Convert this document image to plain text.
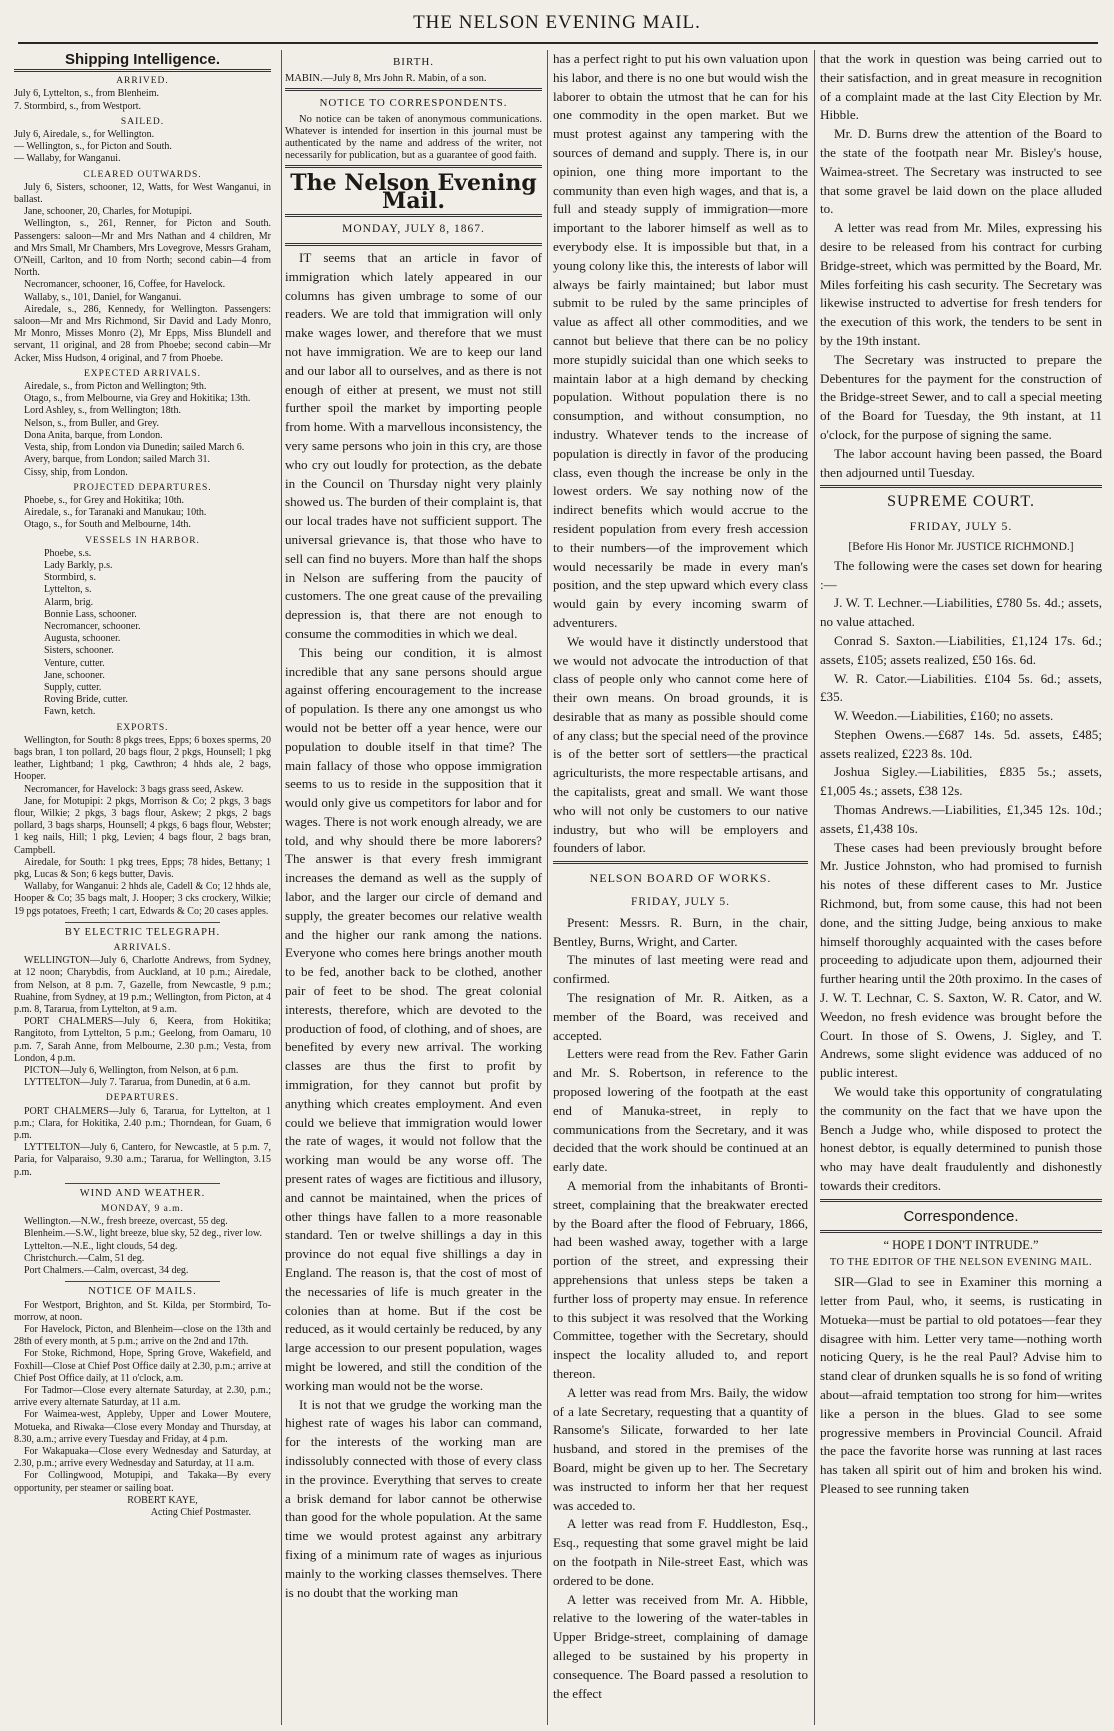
THE NELSON EVENING MAIL.
Shipping Intelligence.
ARRIVED.

July 6, Lyttelton, s., from Blenheim.

7. Stormbird, s., from Westport.

SAILED.

July 6, Airedale, s., for Wellington.

— Wellington, s., for Picton and South.

— Wallaby, for Wanganui.

CLEARED OUTWARDS.

July 6, Sisters, schooner, 12, Watts, for West Wanganui, in ballast.

Jane, schooner, 20, Charles, for Motupipi.

Wellington, s., 261, Renner, for Picton and South. Passengers: saloon—Mr and Mrs Nathan and 4 children, Mr and Mrs Small, Mr Chambers, Mrs Lovegrove, Messrs Graham, O'Neill, Carlton, and 10 from North; second cabin—4 from North.

Necromancer, schooner, 16, Coffee, for Havelock.

Wallaby, s., 101, Daniel, for Wanganui.

Airedale, s., 286, Kennedy, for Wellington. Passengers: saloon—Mr and Mrs Richmond, Sir David and Lady Monro, Mr Monro, Misses Monro (2), Mr Epps, Miss Blundell and servant, 11 original, and 28 from Phoebe; second cabin—Mr Acker, Miss Hudson, 4 original, and 7 from Phoebe.

EXPECTED ARRIVALS.

Airedale, s., from Picton and Wellington; 9th.

Otago, s., from Melbourne, via Grey and Hokitika; 13th.

Lord Ashley, s., from Wellington; 18th.

Nelson, s., from Buller, and Grey.

Dona Anita, barque, from London.

Vesta, ship, from London via Dunedin; sailed March 6.

Avery, barque, from London; sailed March 31.

Cissy, ship, from London.

PROJECTED DEPARTURES.

Phoebe, s., for Grey and Hokitika; 10th.

Airedale, s., for Taranaki and Manukau; 10th.

Otago, s., for South and Melbourne, 14th.

VESSELS IN HARBOR.
Phoebe, s.s.
Lady Barkly, p.s.
Stormbird, s.
Lyttelton, s.
Alarm, brig.
Bonnie Lass, schooner.
Necromancer, schooner.
Augusta, schooner.
Sisters, schooner.
Venture, cutter.
Jane, schooner.
Supply, cutter.
Roving Bride, cutter.
Fawn, ketch.
EXPORTS.

Wellington, for South: 8 pkgs trees, Epps; 6 boxes sperms, 20 bags bran, 1 ton pollard, 20 bags flour, 2 pkgs, Hounsell; 1 pkg leather, Lightband; 1 pkg, Cawthron; 4 hhds ale, 2 bags, Hooper.

Necromancer, for Havelock: 3 bags grass seed, Askew.

Jane, for Motupipi: 2 pkgs, Morrison & Co; 2 pkgs, 3 bags flour, Wilkie; 2 pkgs, 3 bags flour, Askew; 2 pkgs, 2 bags pollard, 3 bags sharps, Hounsell; 4 pkgs, 6 bags flour, Webster; 1 keg nails, Hill; 1 pkg, Levien; 4 bags flour, 2 bags bran, Campbell.

Airedale, for South: 1 pkg trees, Epps; 78 hides, Bettany; 1 pkg, Lucas & Son; 6 kegs butter, Davis.

Wallaby, for Wanganui: 2 hhds ale, Cadell & Co; 12 hhds ale, Hooper & Co; 35 bags malt, J. Hooper; 3 cks crockery, Wilkie; 19 pgs potatoes, Freeth; 1 cart, Edwards & Co; 20 cases apples.

BY ELECTRIC TELEGRAPH.
ARRIVALS.

WELLINGTON—July 6, Charlotte Andrews, from Sydney, at 12 noon; Charybdis, from Auckland, at 10 p.m.; Airedale, from Nelson, at 8 p.m. 7, Gazelle, from Newcastle, 9 p.m.; Ruahine, from Sydney, at 19 p.m.; Wellington, from Picton, at 4 p.m. 8, Tararua, from Lyttelton, at 9 a.m.

PORT CHALMERS—July 6, Keera, from Hokitika; Rangitoto, from Lyttelton, 5 p.m.; Geelong, from Oamaru, 10 p.m. 7, Sarah Anne, from Melbourne, 2.30 p.m.; Vesta, from London, 4 p.m.

PICTON—July 6, Wellington, from Nelson, at 6 p.m.

LYTTELTON—July 7. Tararua, from Dunedin, at 6 a.m.

DEPARTURES.

PORT CHALMERS—July 6, Tararua, for Lyttelton, at 1 p.m.; Clara, for Hokitika, 2.40 p.m.; Thorndean, for Guam, 6 p.m.

LYTTELTON—July 6, Cantero, for Newcastle, at 5 p.m. 7, Paria, for Valparaiso, 9.30 a.m.; Tararua, for Wellington, 3.15 p.m.

WIND AND WEATHER.
MONDAY, 9 a.m.

Wellington.—N.W., fresh breeze, overcast, 55 deg.

Blenheim.—S.W., light breeze, blue sky, 52 deg., river low.

Lyttelton.—N.E., light clouds, 54 deg.

Christchurch.—Calm, 51 deg.

Port Chalmers.—Calm, overcast, 34 deg.

NOTICE OF MAILS.

For Westport, Brighton, and St. Kilda, per Stormbird, To-morrow, at noon.

For Havelock, Picton, and Blenheim—close on the 13th and 28th of every month, at 5 p.m.; arrive on the 2nd and 17th.

For Stoke, Richmond, Hope, Spring Grove, Wakefield, and Foxhill—Close at Chief Post Office daily at 2.30, p.m.; arrive at Chief Post Office daily, at 11 o'clock, a.m.

For Tadmor—Close every alternate Saturday, at 2.30, p.m.; arrive every alternate Saturday, at 11 a.m.

For Waimea-west, Appleby, Upper and Lower Moutere, Motueka, and Riwaka—Close every Monday and Thursday, at 8.30, a.m.; arrive every Tuesday and Friday, at 4 p.m.

For Wakapuaka—Close every Wednesday and Saturday, at 2.30, p.m.; arrive every Wednesday and Saturday, at 11 a.m.

For Collingwood, Motupipi, and Takaka—By every opportunity, per steamer or sailing boat.

ROBERT KAYE,
Acting Chief Postmaster.
BIRTH.

MABIN.—July 8, Mrs John R. Mabin, of a son.

NOTICE TO CORRESPONDENTS.

No notice can be taken of anonymous communications. Whatever is intended for insertion in this journal must be authenticated by the name and address of the writer, not necessarily for publication, but as a guarantee of good faith.

The Nelson Evening Mail.
MONDAY, JULY 8, 1867.

IT seems that an article in favor of immigration which lately appeared in our columns has given umbrage to some of our readers. We are told that immigration will only make wages lower, and therefore that we must not have immigration. We are to keep our land and our labor all to ourselves, and as there is not enough of either at present, we must not still further spoil the market by importing people from home. With a marvellous inconsistency, the very same persons who join in this cry, are those who cry out loudly for protection, as the debate in the Council on Thursday night very plainly showed us. The burden of their complaint is, that our local trades have not sufficient support. The universal grievance is, that those who have to sell can find no buyers. More than half the shops in Nelson are suffering from the paucity of customers. The one great cause of the prevailing depression is, that there are not enough to consume the commodities in which we deal.

This being our condition, it is almost incredible that any sane persons should argue against offering encouragement to the increase of population. Is there any one amongst us who would not be better off a year hence, were our population to double itself in that time? The main fallacy of those who oppose immigration seems to us to reside in the supposition that it would only give us competitors for labor and for wages. There is not work enough already, we are told, and why should there be more laborers? The answer is that every fresh immigrant increases the demand as well as the supply of labor, and the larger our circle of demand and supply, the greater becomes our relative wealth and the higher our rank among the nations. Everyone who comes here brings another mouth to be fed, another back to be clothed, another pair of feet to be shod. The great colonial interests, therefore, which are devoted to the production of food, of clothing, and of shoes, are benefited by every new arrival. The working classes are thus the first to profit by immigration, for they cannot but profit by anything which creates employment. And even could we believe that immigration would lower the rate of wages, it would not follow that the working man would be any worse off. The present rates of wages are fictitious and illusory, and cannot be maintained, when the prices of other things have fallen to a more reasonable standard. Ten or twelve shillings a day in this province do not equal five shillings a day in England. The reason is, that the cost of most of the necessaries of life is much greater in the colonies than at home. But if the cost be reduced, as it would certainly be reduced, by any large accession to our present population, wages might be lowered, and still the condition of the working man would not be the worse.

It is not that we grudge the working man the highest rate of wages his labor can command, for the interests of the working man are indissolubly connected with those of every class in the province. Everything that serves to create a brisk demand for labor cannot be otherwise than good for the whole population. At the same time we would protest against any arbitrary fixing of a minimum rate of wages as injurious mainly to the working classes themselves. There is no doubt that the working man

has a perfect right to put his own valuation upon his labor, and there is no one but would wish the laborer to obtain the utmost that he can for his one commodity in the open market. But we must protest against any tampering with the sources of demand and supply. There is, in our opinion, one thing more important to the community than even high wages, and that is, a full and steady supply of immigration—more important to the laborer himself as well as to everybody else. It is impossible but that, in a young colony like this, the interests of labor will always be fairly maintained; but labor must submit to be ruled by the same principles of value as affect all other commodities, and we cannot but believe that there can be no policy more stupidly suicidal than one which seeks to maintain labor at a high demand by checking population. Without population there is no consumption, and without consumption, no industry. Whatever tends to the increase of population is directly in favor of the producing class, even though the increase be only in the lowest orders. We say nothing now of the indirect benefits which would accrue to the resident population from every fresh accession to their numbers—of the improvement which would necessarily be made in every man's position, and the step upward which every class would gain by every incoming swarm of adventurers.

We would have it distinctly understood that we would not advocate the introduction of that class of people only who cannot come here of their own means. On broad grounds, it is desirable that as many as possible should come of any class; but the special need of the province is of the better sort of settlers—the practical agriculturists, the more respectable artisans, and the capitalists, great and small. We want those who will not only be customers to our native industry, but who will be employers and founders of labor.

NELSON BOARD OF WORKS.
FRIDAY, JULY 5.

Present: Messrs. R. Burn, in the chair, Bentley, Burns, Wright, and Carter.

The minutes of last meeting were read and confirmed.

The resignation of Mr. R. Aitken, as a member of the Board, was received and accepted.

Letters were read from the Rev. Father Garin and Mr. S. Robertson, in reference to the proposed lowering of the footpath at the east end of Manuka-street, in reply to communications from the Secretary, and it was decided that the work should be continued at an early date.

A memorial from the inhabitants of Bronti-street, complaining that the breakwater erected by the Board after the flood of February, 1866, had been washed away, together with a large portion of the street, and expressing their apprehensions that unless steps be taken a further loss of property may ensue. In reference to this subject it was resolved that the Working Committee, together with the Secretary, should inspect the locality alluded to, and report thereon.

A letter was read from Mrs. Baily, the widow of a late Secretary, requesting that a quantity of Ransome's Silicate, forwarded to her late husband, and stored in the premises of the Board, might be given up to her. The Secretary was instructed to inform her that her request was acceded to.

A letter was read from F. Huddleston, Esq., Esq., requesting that some gravel might be laid on the footpath in Nile-street East, which was ordered to be done.

A letter was received from Mr. A. Hibble, relative to the lowering of the water-tables in Upper Bridge-street, complaining of damage alleged to be sustained by his property in consequence. The Board passed a resolution to the effect

that the work in question was being carried out to their satisfaction, and in great measure in recognition of a complaint made at the last City Election by Mr. Hibble.

Mr. D. Burns drew the attention of the Board to the state of the footpath near Mr. Bisley's house, Waimea-street. The Secretary was instructed to see that some gravel be laid down on the place alluded to.

A letter was read from Mr. Miles, expressing his desire to be released from his contract for curbing Bridge-street, which was permitted by the Board, Mr. Miles forfeiting his cash security. The Secretary was likewise instructed to advertise for fresh tenders for the execution of this work, the tenders to be sent in by the 19th instant.

The Secretary was instructed to prepare the Debentures for the payment for the construction of the Bridge-street Sewer, and to call a special meeting of the Board for Tuesday, the 9th instant, at 11 o'clock, for the purpose of signing the same.

The labor account having been passed, the Board then adjourned until Tuesday.

SUPREME COURT.
FRIDAY, JULY 5.
[Before His Honor Mr. JUSTICE RICHMOND.]

The following were the cases set down for hearing :—

J. W. T. Lechner.—Liabilities, £780 5s. 4d.; assets, no value attached.

Conrad S. Saxton.—Liabilities, £1,124 17s. 6d.; assets, £105; assets realized, £50 16s. 6d.

W. R. Cator.—Liabilities. £104 5s. 6d.; assets, £35.

W. Weedon.—Liabilities, £160; no assets.

Stephen Owens.—£687 14s. 5d. assets, £485; assets realized, £223 8s. 10d.

Joshua Sigley.—Liabilities, £835 5s.; assets, £1,005 4s.; assets, £38 12s.

Thomas Andrews.—Liabilities, £1,345 12s. 10d.; assets, £1,438 10s.

These cases had been previously brought before Mr. Justice Johnston, who had promised to furnish his notes of these different cases to Mr. Justice Richmond, but, from some cause, this had not been done, and the sitting Judge, being anxious to make himself thoroughly acquainted with the cases before proceeding to adjudicate upon them, adjourned their further hearing until the 20th proximo. In the cases of J. W. T. Lechnar, C. S. Saxton, W. R. Cator, and W. Weedon, no fresh evidence was brought before the Court. In those of S. Owens, J. Sigley, and T. Andrews, some slight evidence was adduced of no public interest.

We would take this opportunity of congratulating the community on the fact that we have upon the Bench a Judge who, while disposed to protect the honest debtor, is equally determined to punish those who may have dealt fraudulently and dishonestly towards their creditors.

Correspondence.
“ HOPE I DON'T INTRUDE.”
TO THE EDITOR OF THE NELSON EVENING MAIL.

SIR—Glad to see in Examiner this morning a letter from Paul, who, it seems, is rusticating in Motueka—must be partial to old potatoes—fear they disagree with him. Letter very tame—nothing worth noticing Query, is he the real Paul? Advise him to stand clear of drunken squalls he is so fond of writing about—afraid temptation too strong for him—writes like a person in the blues. Glad to see some progressive members in Provincial Council. Afraid the pace the favorite horse was running at last races has taken all spirit out of him and broken his wind. Pleased to see running taken
